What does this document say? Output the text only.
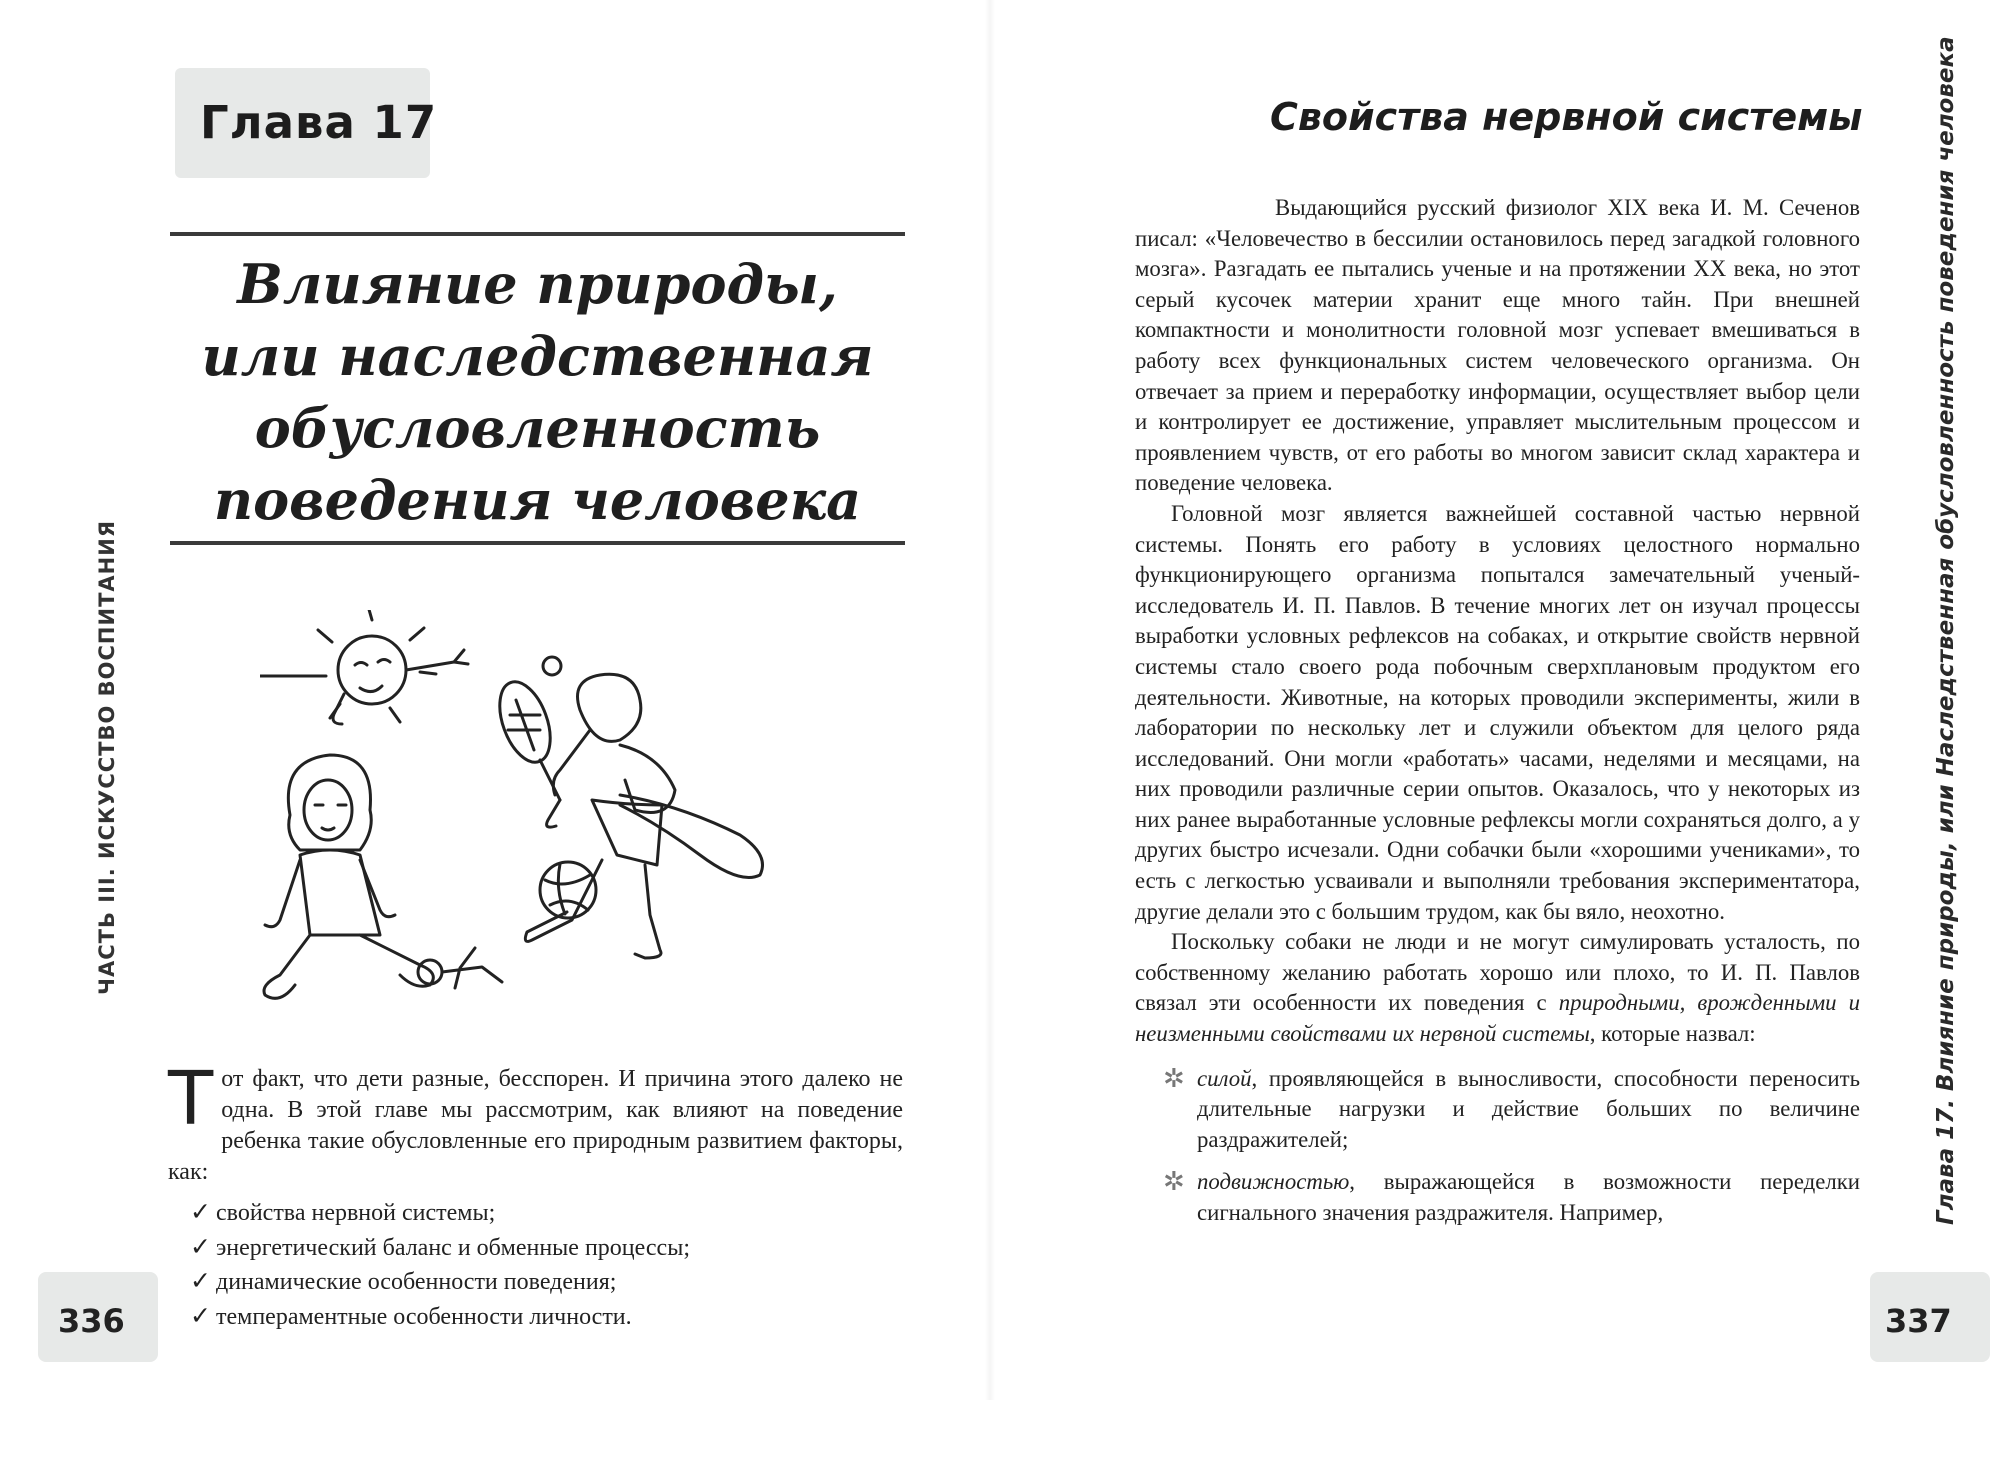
Глава 17
Влияние природы,
или наследственная
обусловленность
поведения человека
ЧАСТЬ III. ИСКУССТВО ВОСПИТАНИЯ
Тот факт, что дети разные, бесспорен. И причина этого далеко не одна. В этой главе мы рассмотрим, как влияют на поведение ребенка такие обусловленные его природным развитием факторы, как:
✓ свойства нервной системы;
✓ энергетический баланс и обменные процессы;
✓ динамические особенности поведения;
✓ темпераментные особенности личности.
336
Свойства нервной системы	Глава 17. Влияние природы, или Наследственная обусловленность поведения человека

Выдающийся русский физиолог XIX века И. М. Сеченов писал: «Человечество в бессилии остановилось перед загадкой головного мозга». Разгадать ее пытались ученые и на протяжении XX века, но этот серый кусочек материи хранит еще много тайн. При внешней компактности и монолитности головной мозг успевает вмешиваться в работу всех функциональных систем человеческого организма. Он отвечает за прием и переработку информации, осуществляет выбор цели и контролирует ее достижение, управляет мыслительным процессом и проявлением чувств, от его работы во многом зависит склад характера и поведение человека.

Головной мозг является важнейшей составной частью нервной системы. Понять его работу в условиях целостного нормально функционирующего организма попытался замечательный ученый-исследователь И. П. Павлов. В течение многих лет он изучал процессы выработки условных рефлексов на собаках, и открытие свойств нервной системы стало своего рода побочным сверхплановым продуктом его деятельности. Животные, на которых проводили эксперименты, жили в лаборатории по нескольку лет и служили объектом для целого ряда исследований. Они могли «работать» часами, неделями и месяцами, на них проводили различные серии опытов. Оказалось, что у некоторых из них ранее выработанные условные рефлексы могли сохраняться долго, а у других быстро исчезали. Одни собачки были «хорошими учениками», то есть с легкостью усваивали и выполняли требования экспериментатора, другие делали это с большим трудом, как бы вяло, неохотно.

Поскольку собаки не люди и не могут симулировать усталость, по собственному желанию работать хорошо или плохо, то И. П. Павлов связал эти особенности их поведения с природными, врожденными и неизменными свойствами их нервной системы, которые назвал:

✲ силой, проявляющейся в выносливости, способности переносить длительные нагрузки и действие больших по величине раздражителей;
✲ подвижностью, выражающейся в возможности переделки сигнального значения раздражителя. Например,
337
